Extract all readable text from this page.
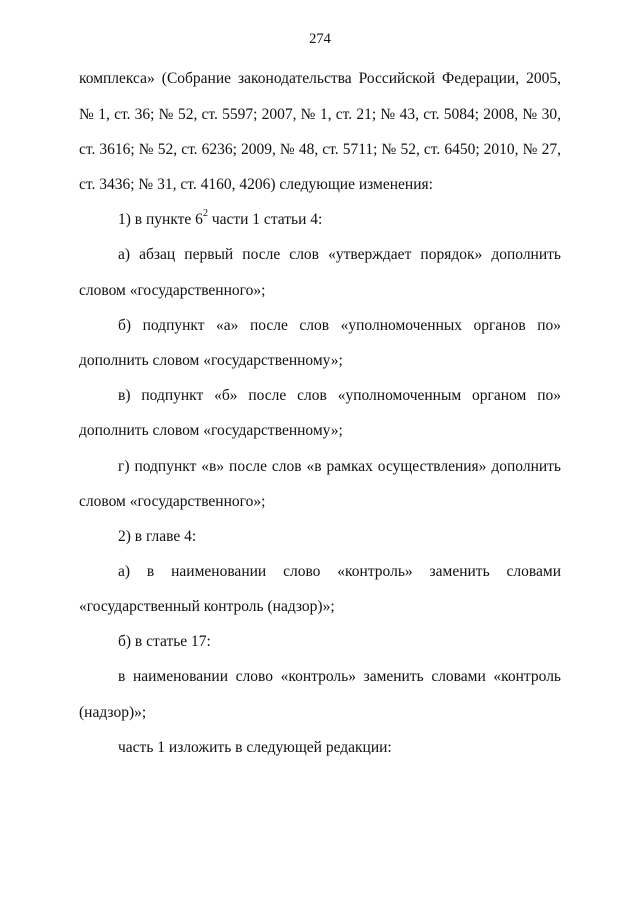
274
комплекса» (Собрание законодательства Российской Федерации, 2005,
№ 1, ст. 36; № 52, ст. 5597; 2007, № 1, ст. 21; № 43, ст. 5084; 2008, № 30,
ст. 3616; № 52, ст. 6236; 2009, № 48, ст. 5711; № 52, ст. 6450; 2010, № 27,
ст. 3436; № 31, ст. 4160, 4206) следующие изменения:
1) в пункте $6^2$ части 1 статьи 4:
а) абзац первый после слов «утверждает порядок» дополнить
словом «государственного»;
б) подпункт «а» после слов «уполномоченных органов по»
дополнить словом «государственному»;
в) подпункт «б» после слов «уполномоченным органом по»
дополнить словом «государственному»;
г) подпункт «в» после слов «в рамках осуществления» дополнить
словом «государственного»;
2) в главе 4:
а) в наименовании слово «контроль» заменить словами
«государственный контроль (надзор)»;
б) в статье 17:
в наименовании слово «контроль» заменить словами «контроль
(надзор)»;
часть 1 изложить в следующей редакции:
